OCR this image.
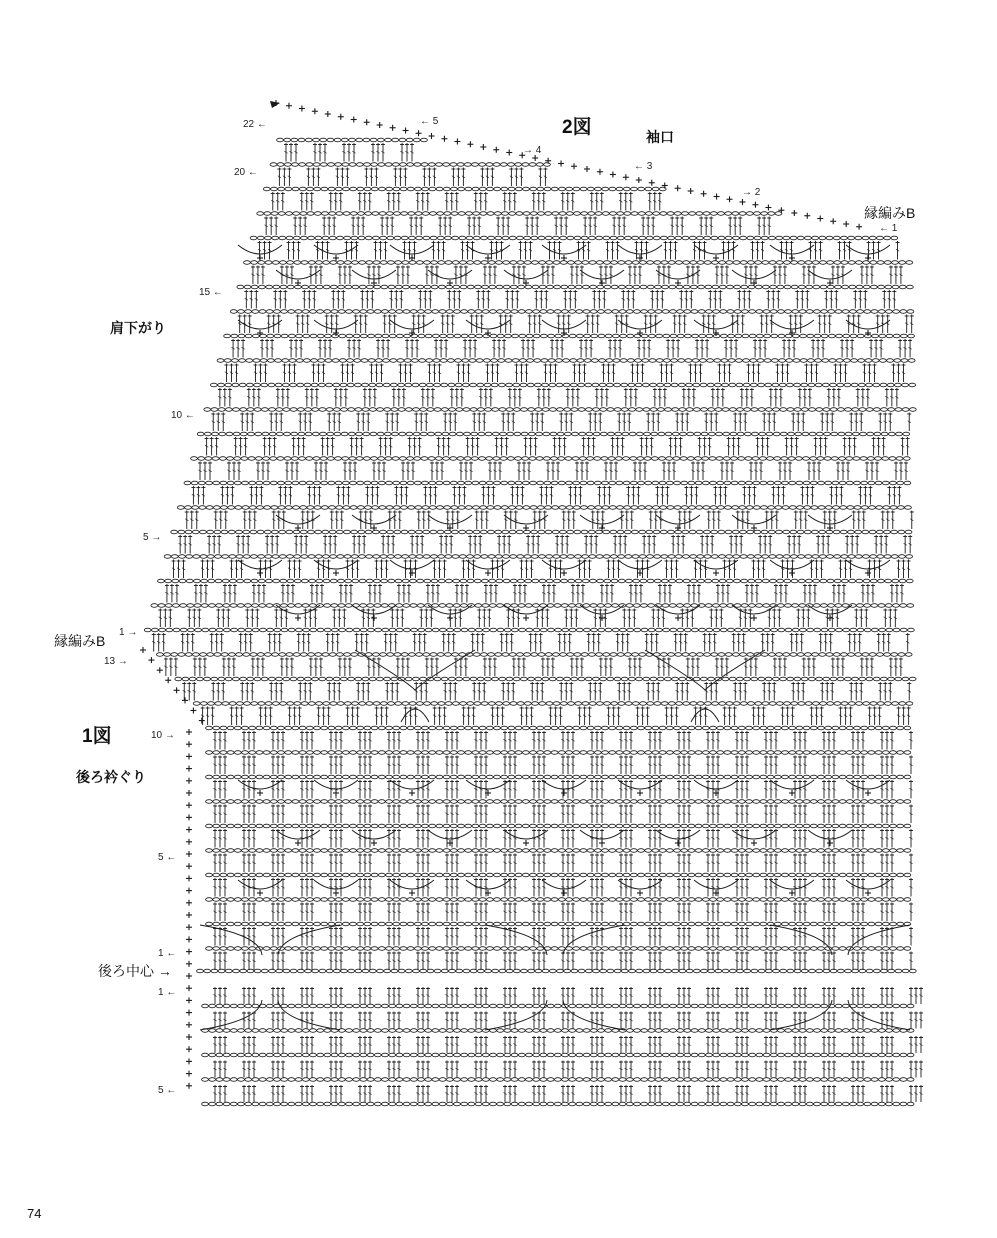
2図	袖口
肩下がり
縁編みB
22 ←
20 ←
15 ←
10 ←
5 →
1 →
← 5
→ 4
← 3
→ 2
← 1
縁編みB
13 →
1図
後ろ衿ぐり
10 →
5 ←
1 ←
後ろ中心 →
1 ←
5 ←
74
